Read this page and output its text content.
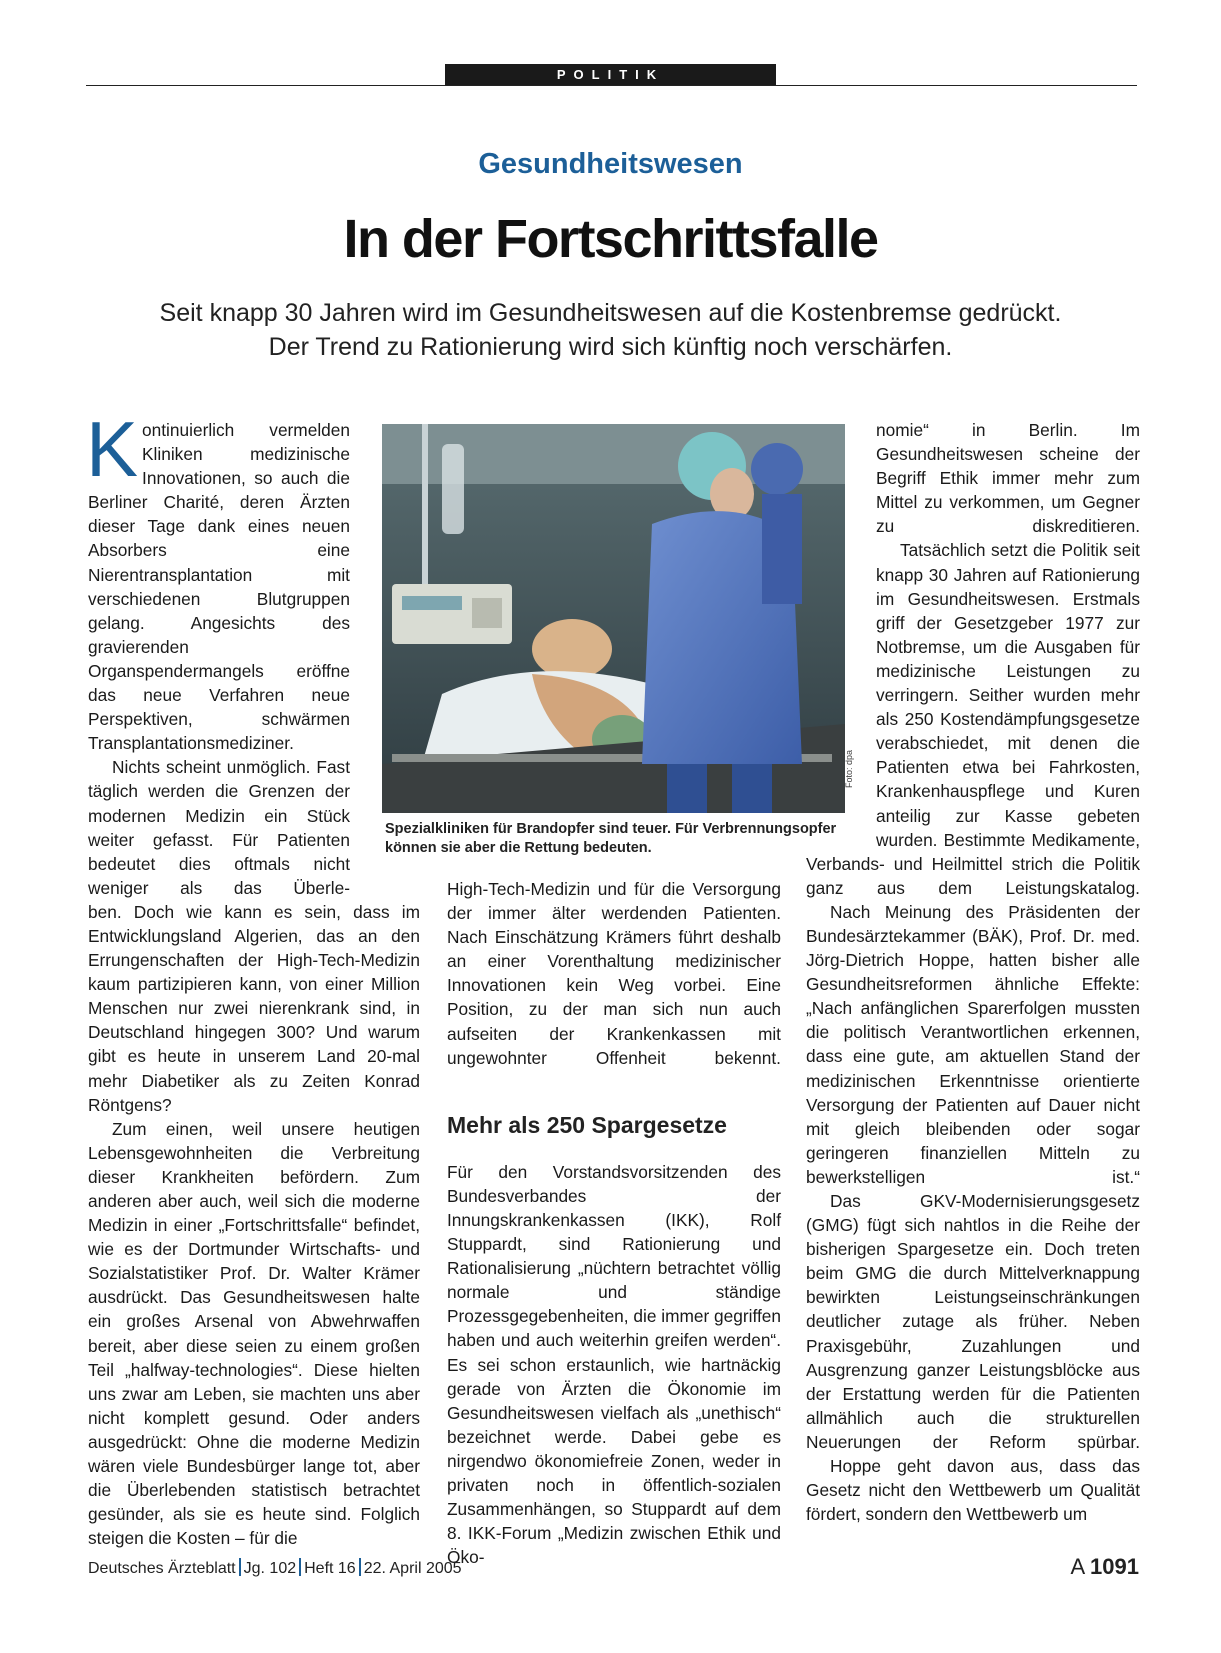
POLITIK
Gesundheitswesen
In der Fortschrittsfalle
Seit knapp 30 Jahren wird im Gesundheitswesen auf die Kostenbremse gedrückt.
Der Trend zu Rationierung wird sich künftig noch verschärfen.

Kontinuierlich vermelden Kliniken medizinische Innovationen, so auch die Berliner Charité, deren Ärzten dieser Tage dank eines neuen Absorbers eine Nierentransplantation mit verschiedenen Blutgruppen gelang. Angesichts des gravierenden Organspendermangels eröffne das neue Verfahren neue Perspektiven, schwärmen Transplantationsmediziner.

Nichts scheint unmöglich. Fast täglich werden die Grenzen der modernen Medizin ein Stück weiter gefasst. Für Patienten bedeutet dies oftmals nicht weniger als das Überle-

ben. Doch wie kann es sein, dass im Entwicklungsland Algerien, das an den Errungenschaften der High-Tech-Medizin kaum partizipieren kann, von einer Million Menschen nur zwei nierenkrank sind, in Deutschland hingegen 300? Und warum gibt es heute in unserem Land 20-mal mehr Diabetiker als zu Zeiten Konrad Röntgens?

Zum einen, weil unsere heutigen Lebensgewohnheiten die Verbreitung dieser Krankheiten befördern. Zum anderen aber auch, weil sich die moderne Medizin in einer „Fortschrittsfalle“ befindet, wie es der Dortmunder Wirtschafts- und Sozialstatistiker Prof. Dr. Walter Krämer ausdrückt. Das Gesundheitswesen halte ein großes Arsenal von Abwehrwaffen bereit, aber diese seien zu einem großen Teil „halfway-technologies“. Diese hielten uns zwar am Leben, sie machten uns aber nicht komplett gesund. Oder anders ausgedrückt: Ohne die moderne Medizin wären viele Bundesbürger lange tot, aber die Überlebenden statistisch betrachtet gesünder, als sie es heute sind. Folglich steigen die Kosten – für die

Foto: dpa
Spezialkliniken für Brandopfer sind teuer. Für Verbrennungsopfer können sie aber die Rettung bedeuten.

High-Tech-Medizin und für die Versorgung der immer älter werdenden Patienten. Nach Einschätzung Krämers führt deshalb an einer Vorenthaltung medizinischer Innovationen kein Weg vorbei. Eine Position, zu der man sich nun auch aufseiten der Krankenkassen mit ungewohnter Offenheit bekennt.

Mehr als 250 Spargesetze

Für den Vorstandsvorsitzenden des Bundesverbandes der Innungskrankenkassen (IKK), Rolf Stuppardt, sind Rationierung und Rationalisierung „nüchtern betrachtet völlig normale und ständige Prozessgegebenheiten, die immer gegriffen haben und auch weiterhin greifen werden“. Es sei schon erstaunlich, wie hartnäckig gerade von Ärzten die Ökonomie im Gesundheitswesen vielfach als „unethisch“ bezeichnet werde. Dabei gebe es nirgendwo ökonomiefreie Zonen, weder in privaten noch in öffentlich-sozialen Zusammenhängen, so Stuppardt auf dem 8. IKK-Forum „Medizin zwischen Ethik und Öko-

nomie“ in Berlin. Im Gesundheitswesen scheine der Begriff Ethik immer mehr zum Mittel zu verkommen, um Gegner zu diskreditieren.

Tatsächlich setzt die Politik seit knapp 30 Jahren auf Rationierung im Gesundheitswesen. Erstmals griff der Gesetzgeber 1977 zur Notbremse, um die Ausgaben für medizinische Leistungen zu verringern. Seither wurden mehr als 250 Kostendämpfungsgesetze verabschiedet, mit denen die Patienten etwa bei Fahrkosten, Krankenhauspflege und Kuren anteilig zur Kasse gebeten wurden. Bestimmte Medikamente,

Verbands- und Heilmittel strich die Politik ganz aus dem Leistungskatalog.

Nach Meinung des Präsidenten der Bundesärztekammer (BÄK), Prof. Dr. med. Jörg-Dietrich Hoppe, hatten bisher alle Gesundheitsreformen ähnliche Effekte: „Nach anfänglichen Sparerfolgen mussten die politisch Verantwortlichen erkennen, dass eine gute, am aktuellen Stand der medizinischen Erkenntnisse orientierte Versorgung der Patienten auf Dauer nicht mit gleich bleibenden oder sogar geringeren finanziellen Mitteln zu bewerkstelligen ist.“

Das GKV-Modernisierungsgesetz (GMG) fügt sich nahtlos in die Reihe der bisherigen Spargesetze ein. Doch treten beim GMG die durch Mittelverknappung bewirkten Leistungseinschränkungen deutlicher zutage als früher. Neben Praxisgebühr, Zuzahlungen und Ausgrenzung ganzer Leistungsblöcke aus der Erstattung werden für die Patienten allmählich auch die strukturellen Neuerungen der Reform spürbar.

Hoppe geht davon aus, dass das Gesetz nicht den Wettbewerb um Qualität fördert, sondern den Wettbewerb um

Deutsches Ärzteblatt Jg. 102 Heft 16 22. April 2005	A 1091
